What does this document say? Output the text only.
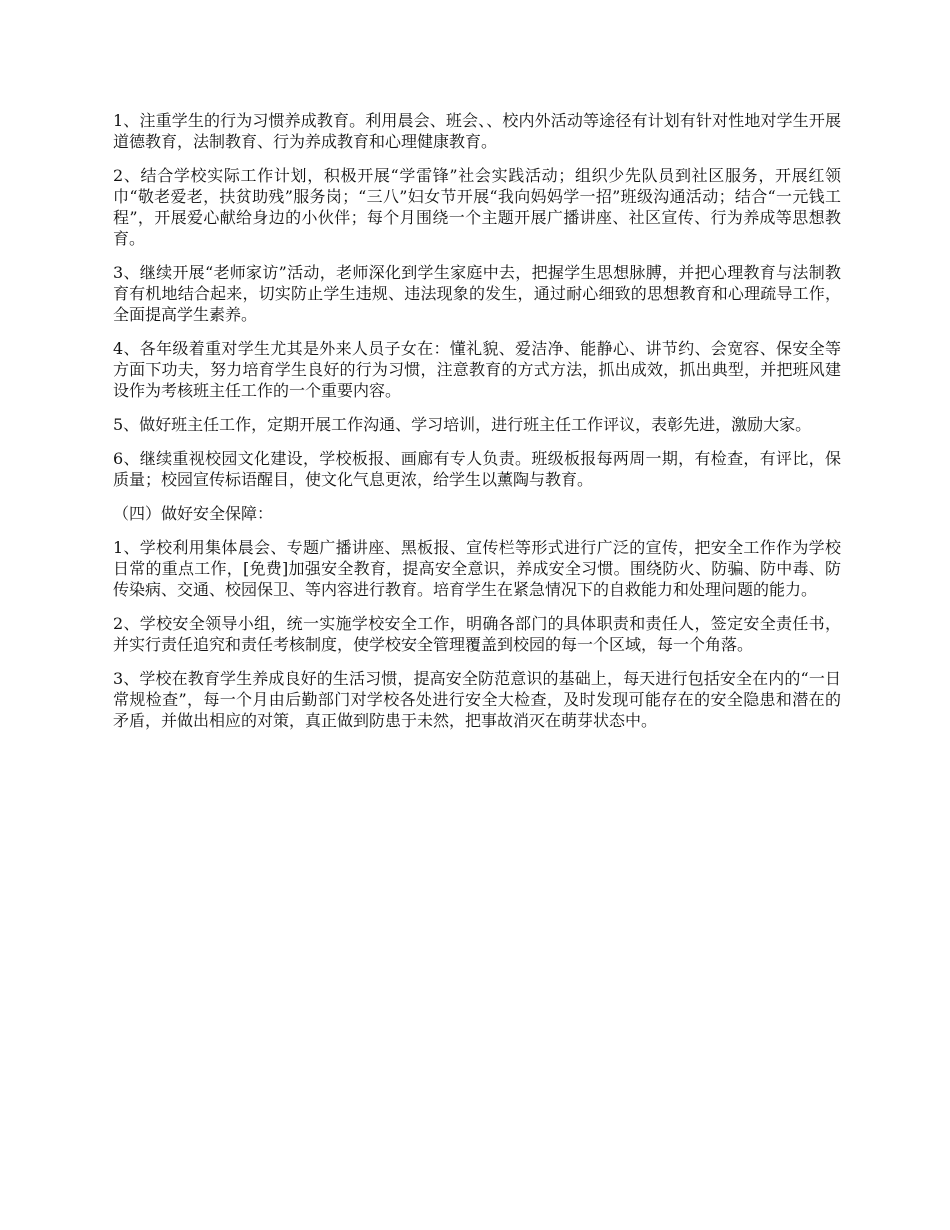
1、注重学生的行为习惯养成教育。利用晨会、班会、、校内外活动等途径有计划有针对性地对学生开展道德教育，法制教育、行为养成教育和心理健康教育。

2、结合学校实际工作计划，积极开展“学雷锋”社会实践活动；组织少先队员到社区服务，开展红领巾“敬老爱老，扶贫助残”服务岗；“三八”妇女节开展“我向妈妈学一招”班级沟通活动；结合“一元钱工程”，开展爱心献给身边的小伙伴；每个月围绕一个主题开展广播讲座、社区宣传、行为养成等思想教育。

3、继续开展“老师家访”活动，老师深化到学生家庭中去，把握学生思想脉膊，并把心理教育与法制教育有机地结合起来，切实防止学生违规、违法现象的发生，通过耐心细致的思想教育和心理疏导工作，全面提高学生素养。

4、各年级着重对学生尤其是外来人员子女在：懂礼貌、爱洁净、能静心、讲节约、会宽容、保安全等方面下功夫，努力培育学生良好的行为习惯，注意教育的方式方法，抓出成效，抓出典型，并把班风建设作为考核班主任工作的一个重要内容。

5、做好班主任工作，定期开展工作沟通、学习培训，进行班主任工作评议，表彰先进，激励大家。

6、继续重视校园文化建设，学校板报、画廊有专人负责。班级板报每两周一期，有检查，有评比，保质量；校园宣传标语醒目，使文化气息更浓，给学生以薰陶与教育。

（四）做好安全保障：

1、学校利用集体晨会、专题广播讲座、黑板报、宣传栏等形式进行广泛的宣传，把安全工作作为学校日常的重点工作，[免费]加强安全教育，提高安全意识，养成安全习惯。围绕防火、防骗、防中毒、防传染病、交通、校园保卫、等内容进行教育。培育学生在紧急情况下的自救能力和处理问题的能力。

2、学校安全领导小组，统一实施学校安全工作，明确各部门的具体职责和责任人，签定安全责任书，并实行责任追究和责任考核制度，使学校安全管理覆盖到校园的每一个区域，每一个角落。

3、学校在教育学生养成良好的生活习惯，提高安全防范意识的基础上，每天进行包括安全在内的“一日常规检查”，每一个月由后勤部门对学校各处进行安全大检查，及时发现可能存在的安全隐患和潜在的矛盾，并做出相应的对策，真正做到防患于未然，把事故消灭在萌芽状态中。
